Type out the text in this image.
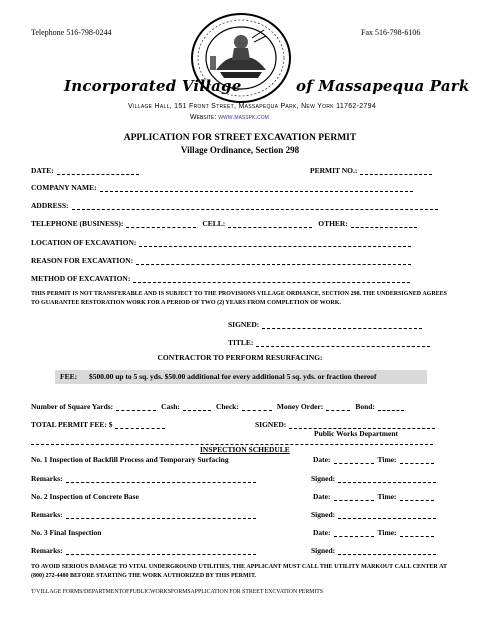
Telephone 516-798-0244	Fax 516-798-6106
Incorporated Village	of Massapequa Park
Village Hall, 151 Front Street, Massapequa Park, New York 11762-2794
Website: www.masspk.com
APPLICATION FOR STREET EXCAVATION PERMIT
Village Ordinance, Section 298
DATE:	PERMIT NO.:
COMPANY NAME:
ADDRESS:
TELEPHONE (BUSINESS):	CELL:	OTHER:
LOCATION OF EXCAVATION:
REASON FOR EXCAVATION:
METHOD OF EXCAVATION:
THIS PERMIT IS NOT TRANSFERABLE AND IS SUBJECT TO THE PROVISIONS VILLAGE ORDIANCE, SECTION 298. THE UNDERSIGNED AGREES TO GUARANTEE RESTORATION WORK FOR A PERIOD OF TWO (2) YEARS FROM COMPLETION OF WORK.
SIGNED:
TITLE:
CONTRACTOR TO PERFORM RESURFACING:
FEE: $500.00 up to 5 sq. yds. $50.00 additional for every additional 5 sq. yds. or fraction thereof
Number of Square Yards:	Cash:	Check:	Money Order:	Bond:
TOTAL PERMIT FEE: $	SIGNED:
Public Works Department
INSPECTION SCHEDULE
No. 1 Inspection of Backfill Process and Temporary Surfacing	Date:	Time:
Remarks:	Signed:
No. 2 Inspection of Concrete Base	Date:	Time:
Remarks:	Signed:
No. 3 Final Inspection	Date:	Time:
Remarks:	Signed:
TO AVOID SERIOUS DAMAGE TO VITAL UNDERGROUND UTILITIES, THE APPLICANT MUST CALL THE UTILITY MARKOUT CALL CENTER AT (800) 272-4480 BEFORE STARTING THE WORK AUTHORIZED BY THIS PERMIT.
T/VILLAGE FORMS/DEPARTMENTOFPUBLICWORKSFORMSAPPLICATION FOR STREET EXCVATION PERMITS
